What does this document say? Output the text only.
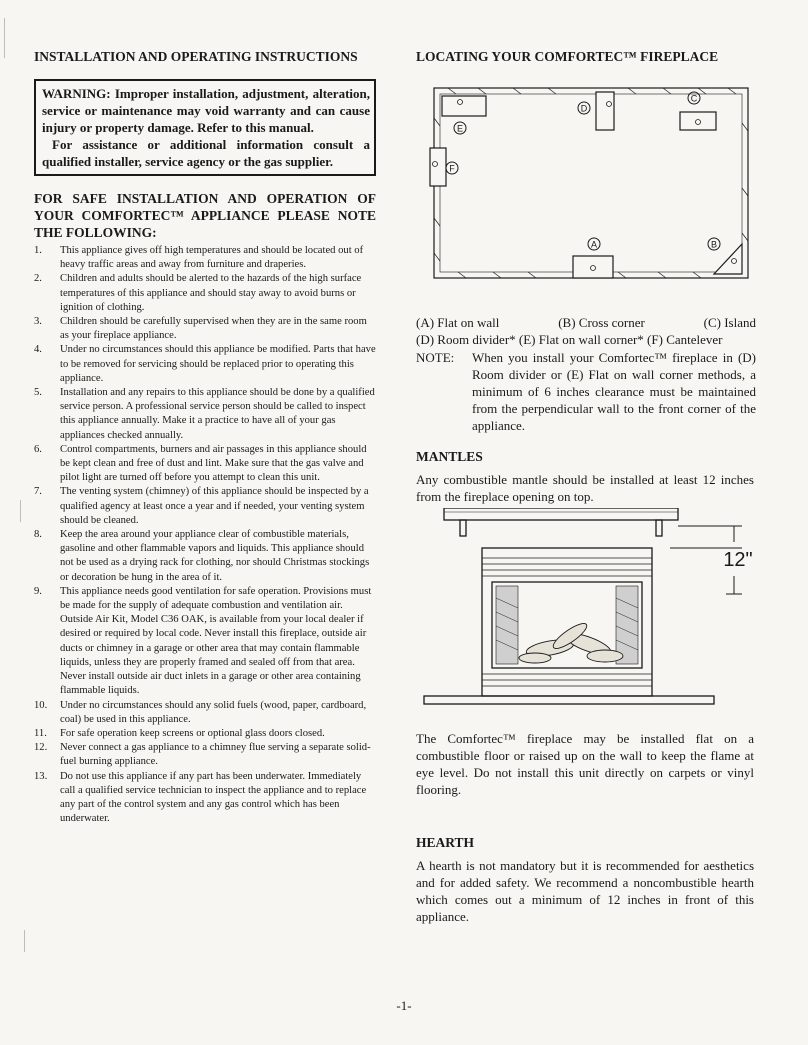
INSTALLATION AND OPERATING INSTRUCTIONS

WARNING: Improper installation, adjustment, alteration, service or maintenance may void warranty and can cause injury or property damage. Refer to this manual.

For assistance or additional information consult a qualified installer, service agency or the gas supplier.

FOR SAFE INSTALLATION AND OPERATION OF YOUR COMFORTEC™ APPLIANCE PLEASE NOTE THE FOLLOWING:
1.	This appliance gives off high temperatures and should be located out of heavy traffic areas and away from furniture and draperies.
2.	Children and adults should be alerted to the hazards of the high surface temperatures of this appliance and should stay away to avoid burns or ignition of clothing.
3.	Children should be carefully supervised when they are in the same room as your fireplace appliance.
4.	Under no circumstances should this appliance be modified. Parts that have to be removed for servicing should be replaced prior to operating this appliance.
5.	Installation and any repairs to this appliance should be done by a qualified service person. A professional service person should be called to inspect this appliance annually. Make it a practice to have all of your gas appliances checked annually.
6.	Control compartments, burners and air passages in this appliance should be kept clean and free of dust and lint. Make sure that the gas valve and pilot light are turned off before you attempt to clean this unit.
7.	The venting system (chimney) of this appliance should be inspected by a qualified agency at least once a year and if needed, your venting system should be cleaned.
8.	Keep the area around your appliance clear of combustible materials, gasoline and other flammable vapors and liquids. This appliance should not be used as a drying rack for clothing, nor should Christmas stockings or decoration be hung in the area of it.
9.	This appliance needs good ventilation for safe operation. Provisions must be made for the supply of adequate combustion and ventilation air. Outside Air Kit, Model C36 OAK, is available from your local dealer if desired or required by local code. Never install this fireplace, outside air ducts or chimney in a garage or other area that may contain flammable liquids, unless they are properly framed and sealed off from that area. Never install outside air duct inlets in a garage or other area containing flammable liquids.
10.	Under no circumstances should any solid fuels (wood, paper, cardboard, coal) be used in this appliance.
11.	For safe operation keep screens or optional glass doors closed.
12.	Never connect a gas appliance to a chimney flue serving a separate solid-fuel burning appliance.
13.	Do not use this appliance if any part has been underwater. Immediately call a qualified service technician to inspect the appliance and to replace any part of the control system and any gas control which has been underwater.
LOCATING YOUR COMFORTEC™ FIREPLACE
E
D
C
F
A	B
(A) Flat on wall	(B) Cross corner	(C) Island
(D) Room divider* (E) Flat on wall corner* (F) Cantelever
NOTE:	When you install your Comfortec™ fireplace in (D) Room divider or (E) Flat on wall corner methods, a minimum of 6 inches clearance must be maintained from the perpendicular wall to the front corner of the appliance.
MANTLES

Any combustible mantle should be installed at least 12 inches from the fireplace opening on top.

12"

The Comfortec™ fireplace may be installed flat on a combustible floor or raised up on the wall to keep the flame at eye level. Do not install this unit directly on carpets or vinyl flooring.

HEARTH

A hearth is not mandatory but it is recommended for aesthetics and for added safety. We recommend a noncombustible hearth which comes out a minimum of 12 inches in front of this appliance.

-1-
